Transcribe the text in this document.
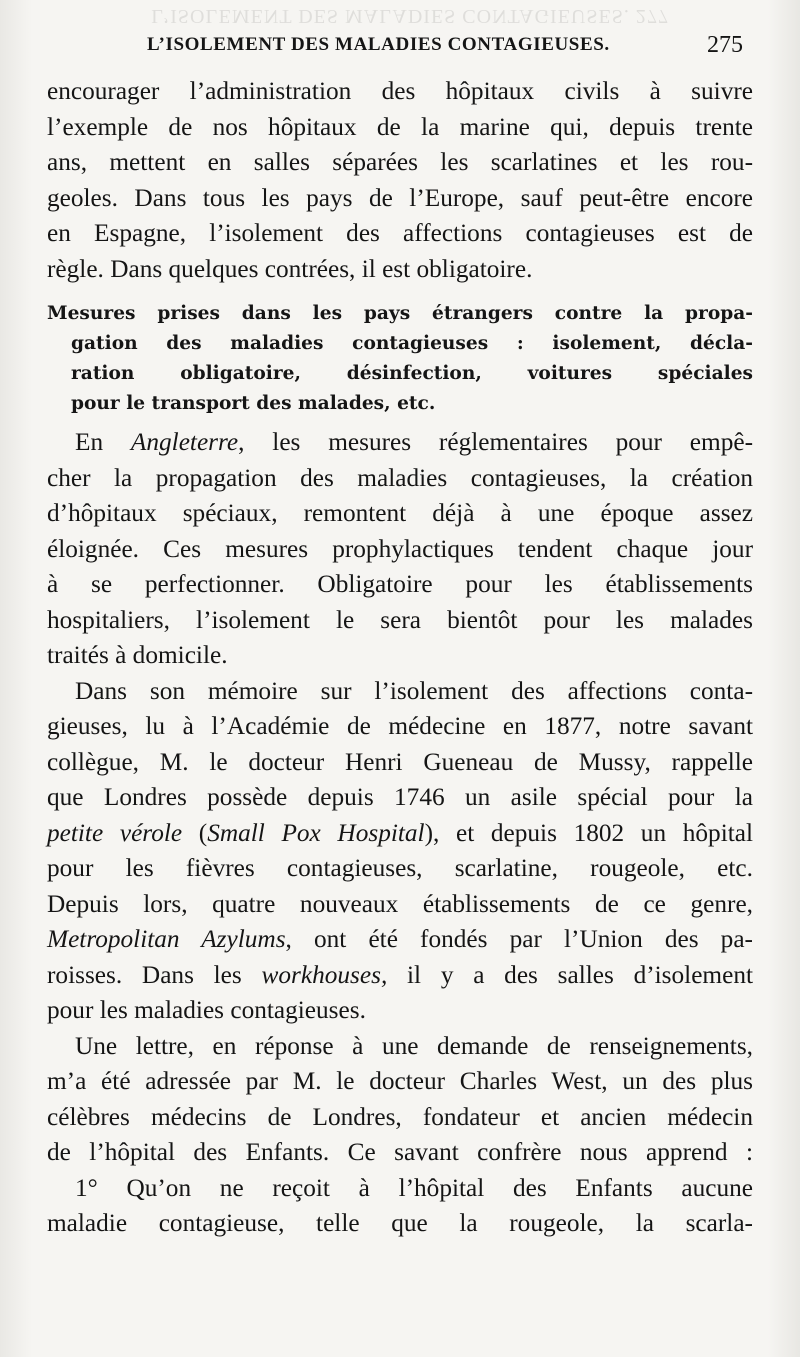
L’ISOLEMENT DES MALADIES CONTAGIEUSES. 277
L’ISOLEMENT DES MALADIES CONTAGIEUSES.	275
encourager l’administration des hôpitaux civils à suivre
l’exemple de nos hôpitaux de la marine qui, depuis trente
ans, mettent en salles séparées les scarlatines et les rou-
geoles. Dans tous les pays de l’Europe, sauf peut-être encore
en Espagne, l’isolement des affections contagieuses est de
règle. Dans quelques contrées, il est obligatoire.
Mesures prises dans les pays étrangers contre la propa-
gation des maladies contagieuses : isolement, décla-
ration obligatoire, désinfection, voitures spéciales
pour le transport des malades, etc.
En Angleterre, les mesures réglementaires pour empê-
cher la propagation des maladies contagieuses, la création
d’hôpitaux spéciaux, remontent déjà à une époque assez
éloignée. Ces mesures prophylactiques tendent chaque jour
à se perfectionner. Obligatoire pour les établissements
hospitaliers, l’isolement le sera bientôt pour les malades
traités à domicile.
Dans son mémoire sur l’isolement des affections conta-
gieuses, lu à l’Académie de médecine en 1877, notre savant
collègue, M. le docteur Henri Gueneau de Mussy, rappelle
que Londres possède depuis 1746 un asile spécial pour la
petite vérole (Small Pox Hospital), et depuis 1802 un hôpital
pour les fièvres contagieuses, scarlatine, rougeole, etc.
Depuis lors, quatre nouveaux établissements de ce genre,
Metropolitan Azylums, ont été fondés par l’Union des pa-
roisses. Dans les workhouses, il y a des salles d’isolement
pour les maladies contagieuses.
Une lettre, en réponse à une demande de renseignements,
m’a été adressée par M. le docteur Charles West, un des plus
célèbres médecins de Londres, fondateur et ancien médecin
de l’hôpital des Enfants. Ce savant confrère nous apprend :
1° Qu’on ne reçoit à l’hôpital des Enfants aucune
maladie contagieuse, telle que la rougeole, la scarla-
